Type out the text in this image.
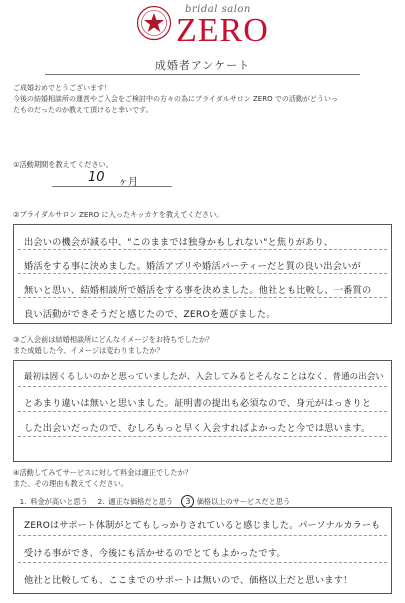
bridal salon
ZERO
成婚者アンケート
ご成婚おめでとうございます！
今後の結婚相談所の運営やご入会をご検討中の方々の為にブライダルサロン ZERO での活動がどういっ
たものだったのか教えて頂けると幸いです。
①活動期間を教えてください。
10 ヶ月
②ブライダルサロン ZERO に入ったキッカケを教えてください。
出会いの機会が減る中、"このままでは独身かもしれない"と焦りがあり、
婚活をする事に決めました。婚活アプリや婚活パーティーだと質の良い出会いが
無いと思い、結婚相談所で婚活をする事を決めました。他社とも比較し、一番質の
良い活動ができそうだと感じたので、ZEROを選びました。
③ご入会前は結婚相談所にどんなイメージをお持ちでしたか？
また成婚した今、イメージは変わりましたか？
最初は固くるしいのかと思っていましたが、入会してみるとそんなことはなく、普通の出会い
とあまり違いは無いと思いました。証明書の提出も必須なので、身元がはっきりと
した出会いだったので、むしろもっと早く入会すればよかったと今では思います。
④活動してみてサービスに対して料金は適正でしたか？
また、その理由も教えてください。
1. 料金が高いと思う 2. 適正な価格だと思う 3 価格以上のサービスだと思う
ZEROはサポート体制がとてもしっかりされていると感じました。パーソナルカラーも
受ける事ができ、今後にも活かせるのでとてもよかったです。
他社と比較しても、ここまでのサポートは無いので、価格以上だと思います！
